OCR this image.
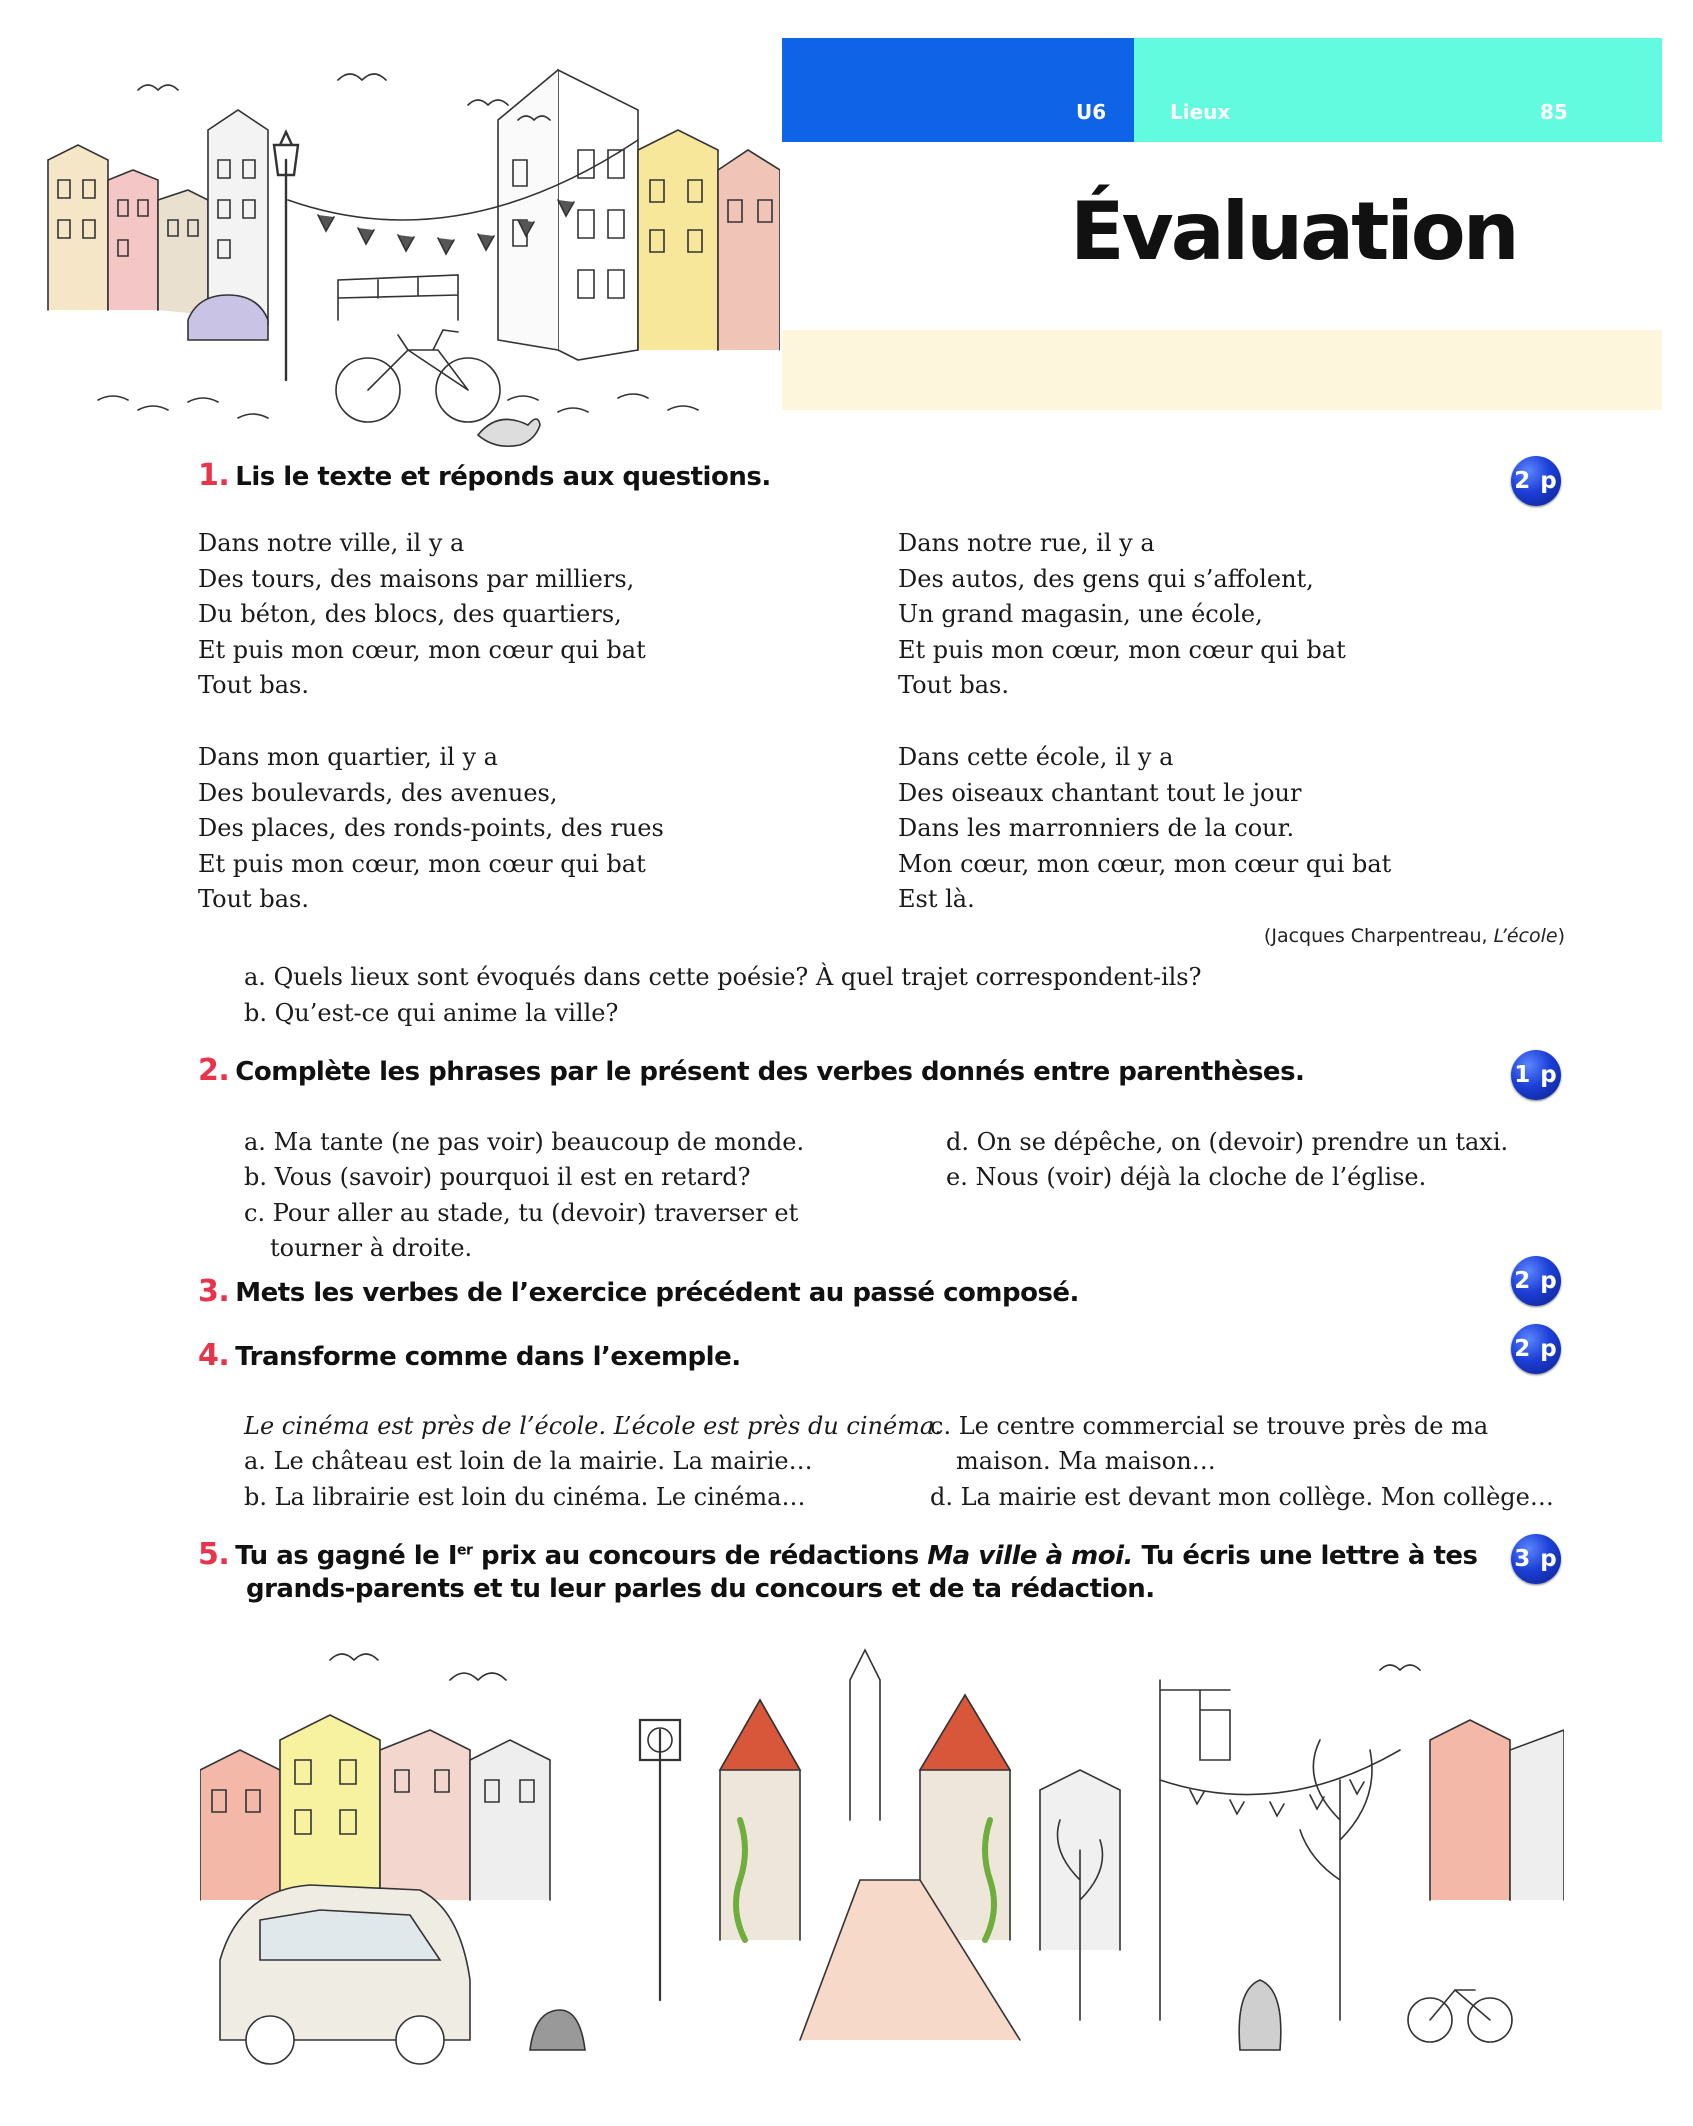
U6	Lieux	85
Évaluation
1. Lis le texte et réponds aux questions.	2 p
Dans notre ville, il y a
Des tours, des maisons par milliers,
Du béton, des blocs, des quartiers,
Et puis mon cœur, mon cœur qui bat
Tout bas.
Dans notre rue, il y a
Des autos, des gens qui s’affolent,
Un grand magasin, une école,
Et puis mon cœur, mon cœur qui bat
Tout bas.
Dans mon quartier, il y a
Des boulevards, des avenues,
Des places, des ronds-points, des rues
Et puis mon cœur, mon cœur qui bat
Tout bas.
Dans cette école, il y a
Des oiseaux chantant tout le jour
Dans les marronniers de la cour.
Mon cœur, mon cœur, mon cœur qui bat
Est là.
(Jacques Charpentreau, L’école)
a. Quels lieux sont évoqués dans cette poésie? À quel trajet correspondent-ils?
b. Qu’est-ce qui anime la ville?
2. Complète les phrases par le présent des verbes donnés entre parenthèses.	1 p
a. Ma tante (ne pas voir) beaucoup de monde.
b. Vous (savoir) pourquoi il est en retard?
c. Pour aller au stade, tu (devoir) traverser et
tourner à droite.
d. On se dépêche, on (devoir) prendre un taxi.
e. Nous (voir) déjà la cloche de l’église.
3. Mets les verbes de l’exercice précédent au passé composé.	2 p
4. Transforme comme dans l’exemple.	2 p
Le cinéma est près de l’école. L’école est près du cinéma.
a. Le château est loin de la mairie. La mairie…
b. La librairie est loin du cinéma. Le cinéma…
c. Le centre commercial se trouve près de ma
maison. Ma maison…
d. La mairie est devant mon collège. Mon collège…
5. Tu as gagné le Ier prix au concours de rédactions Ma ville à moi. Tu écris une lettre à tes
grands-parents et tu leur parles du concours et de ta rédaction.
3 p
